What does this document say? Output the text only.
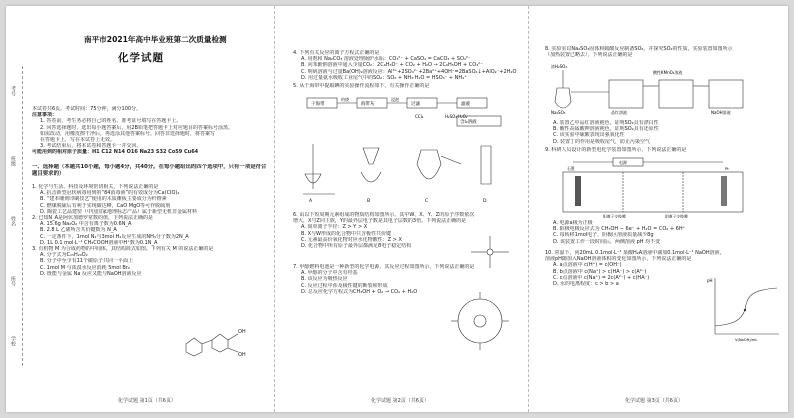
考号
班级
姓名
座号
学校
南平市2021年高中毕业班第二次质量检测
化学试题
本试卷共6页。考试时间：75分钟，满分100分。
注意事项：
1. 答卷前，考生务必将自己的姓名、准考证号填写在答题卡上。
2. 回答选择题时，选出每小题答案后，用2B铅笔把答题卡上对应题目的答案标号涂黑。
如需改动，用橡皮擦干净后，再选涂其他答案标号。回答非选择题时，将答案写
在答题卡上，写在本试卷上无效。
3. 考试结束后，将本试卷和答题卡一并交回。
可能用到的相对原子质量：H1 C12 N14 O16 Na23 S32 Co59 Cu64
一、选择题（本题共10小题，每小题4分，共40分。在每小题给出的四个选项中，只有一项是符合题目要求的）
1. 化学与生活、科技及环境密切相关，下列说法正确的是
A. 抗击新型冠状病毒用到的“84消毒液”的有效成分为Ca(ClO)₂
B. “建本雕刻印刷技艺”使用的木质雕板主要成分为纤维素
C. 燃煤脱硫后有利于实现碳达峰，CaO MgO等可作脱硫剂
D. 陶瓷工艺品建窑（中国国家地理标志产品）属于新型无机非金属材料
2. 已知N_A是阿伏加德罗常数的值，下列说法正确的是
A. 15.6g Na₂O₂ 中含有离子数为0.6N_A
B. 2.8 L 乙烯所含共价键数为 N_A
C. 一定条件下，1mol N₂与3mol H₂反应生成的NH₃分子数为2N_A
D. 1L 0.1 mol·L⁻¹ CH₃COOH溶液中H⁺数为0.1N_A
3. 有机物 M 为合成药物的中间体，其结构简式如图。下列有关 M 的说法正确的是
A. 分子式为C₁₅H₂₀O₂
B. 分子中至少有11个碳原子共同一平面上
C. 1mol M 与浓溴水反应消耗 5mol Br₂
D. 既能与金属 Na 反应又能与NaOH溶液反应
OH
OH
化学试题 第1页（共6页）
4. 下列有关反应的离子方程式正确的是
A. 用饱和 Na₂CO₃ 溶液处理锅炉水垢：CO₃²⁻ + CaSO₄ = CaCO₃ + SO₄²⁻
B. 向苯酚钠溶液中通入少量CO₂：2C₆H₅O⁻ + CO₂ + H₂O → 2C₆H₅OH + CO₃²⁻
C. 明矾溶液与过量Ba(OH)₂溶液反应：Al³⁺+2SO₄²⁻+2Ba²⁺+4OH⁻=2BaSO₄↓+AlO₂⁻+2H₂O
D. 用过量氨水吸收工业尾气中的SO₂：SO₂ + NH₃·H₂O = HSO₃⁻ + NH₄⁺
5. 从干海带中提取碘的实验操作流程如下，有关操作正确的是
干海带
灼烧
海带灰
浸泡
过滤	滤液
H₂SO₄ H₂O₂
CCl₄
含I₂溶液
A	B	C	D
6. 由以下短周期元素组成的物质结构如图所示。其中W、X、Y、Z的原子序数依次
增大，X与Z同主族，Y的最外层电子数是其电子层数的3倍。下列说法正确的是
A. 简单离子半径：Z > Y > X
B. X与W形成的化合物中只含极性共价键
C. 元素最高价氧化物对应水化物酸性：Z > X
D. 化合物中所有原子最外层都满足8电子稳定结构
7. 甲醇燃料电池是一种新型的化学电源，其反应过程如图所示，下列说法正确的是
A. 甲醇的分子中含有羟基
B. 该反应为吸热反应
C. 反应过程中涉及极性键的断裂和形成
D. 总反应化学方程式为CH₃OH + O₂ → CO₂ + H₂O
化学试题 第2页（共6页）
8. 实验室以Na₂SO₃固体和硫酸反应制备SO₂，并探究SO₂的性质，实验装置如图所示
（加热装置已略去），下列说法正确的是
浓H₂SO₄
Na₂SO₃	品红溶液
酸性KMnO₄溶液
NaOH溶液
A. 装置乙中品红溶液褪色，证明SO₂具有漂白性
B. 酸性高锰酸钾溶液褪色，证明SO₂具有还原性
C. 该实验中硫酸表现出强氧化性
D. 装置丁的作用是吸收尾气，防止污染空气
9. 科研人员设计的新型电化学装置如图所示，下列说法正确的是
电源
阳离子交换膜	阴离子交换膜
石墨	Pt
A. 电源a极为正极
B. 阳极电极反应式为 CH₃OH − 6e⁻ + H₂O = CO₂ + 6H⁺
C. 每转移1mol电子，阴极区溶液质量减少8g
D. 该装置工作一段时间后，两侧溶液 pH 均不变
10. 常温下，向20mL 0.1mol·L⁻¹ 某酸H₂A溶液中滴加0.1mol·L⁻¹ NaOH溶液，
溶液pH随加入NaOH溶液体积的变化如图所示，下列说法正确的是
A. a点溶液中 c(H⁺) = c(OH⁻)
B. b点溶液中 c(Na⁺) > c(HA⁻) > c(A²⁻)
C. c点溶液中 c(Na⁺) = 2c(A²⁻) + c(HA⁻)
D. 水的电离程度：c > b > a
pH
V(NaOH)/mL
化学试题 第3页（共6页）
